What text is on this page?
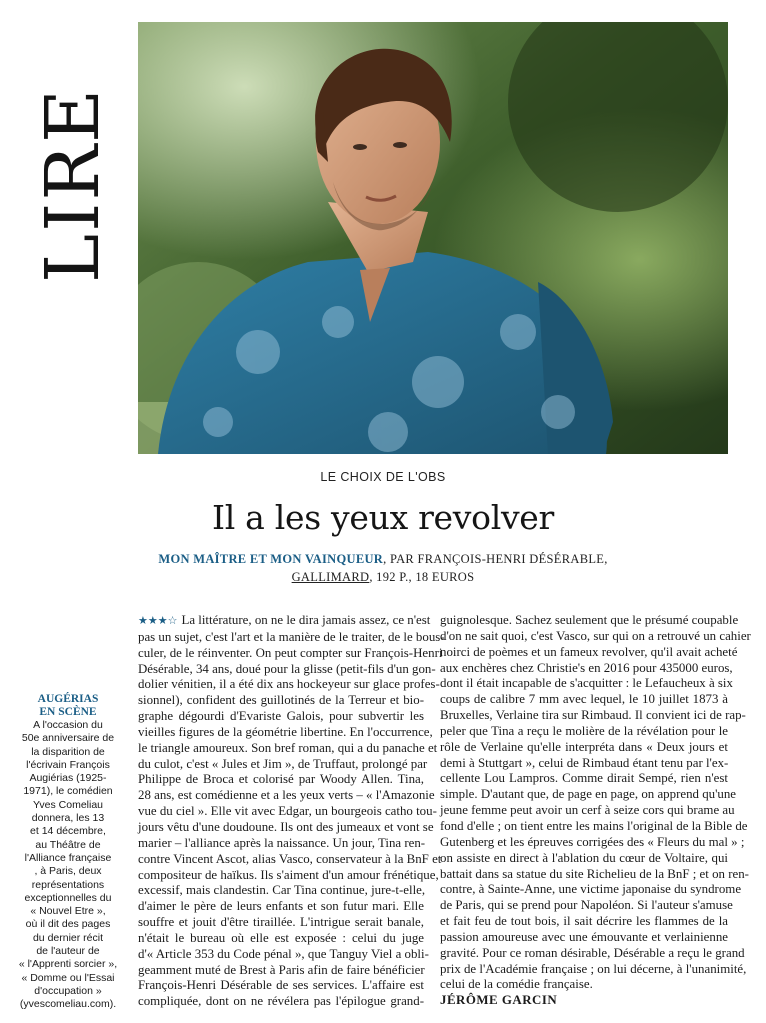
LIRE
LE CHOIX DE L'OBS
Il a les yeux revolver
MON MAÎTRE ET MON VAINQUEUR, PAR FRANÇOIS-HENRI DÉSÉRABLE,
GALLIMARD, 192 P., 18 EUROS
AUGÉRIAS
EN SCÈNE
A l'occasion du
50e anniversaire de
la disparition de
l'écrivain François
Augiérias (1925-
1971), le comédien
Yves Comeliau
donnera, les 13
et 14 décembre,
au Théâtre de
l'Alliance française
, à Paris, deux
représentations
exceptionnelles du
« Nouvel Etre »,
où il dit des pages
du dernier récit
de l'auteur de
« l'Apprenti sorcier »,
« Domme ou l'Essai
d'occupation »
(yvescomeliau.com).
★★★☆ La littérature, on ne le dira jamais assez, ce n'est
pas un sujet, c'est l'art et la manière de le traiter, de le bous-
culer, de le réinventer. On peut compter sur François-Henri
Désérable, 34 ans, doué pour la glisse (petit-fils d'un gon-
dolier vénitien, il a été dix ans hockeyeur sur glace profes-
sionnel), confident des guillotinés de la Terreur et bio-
graphe dégourdi d'Evariste Galois, pour subvertir les
vieilles figures de la géométrie libertine. En l'occurrence,
le triangle amoureux. Son bref roman, qui a du panache et
du culot, c'est « Jules et Jim », de Truffaut, prolongé par
Philippe de Broca et colorisé par Woody Allen. Tina,
28 ans, est comédienne et a les yeux verts – « l'Amazonie
vue du ciel ». Elle vit avec Edgar, un bourgeois catho tou-
jours vêtu d'une doudoune. Ils ont des jumeaux et vont se
marier – l'alliance après la naissance. Un jour, Tina ren-
contre Vincent Ascot, alias Vasco, conservateur à la BnF et
compositeur de haïkus. Ils s'aiment d'un amour frénétique,
excessif, mais clandestin. Car Tina continue, jure-t-elle,
d'aimer le père de leurs enfants et son futur mari. Elle
souffre et jouit d'être tiraillée. L'intrigue serait banale,
n'était le bureau où elle est exposée : celui du juge
d'« Article 353 du Code pénal », que Tanguy Viel a obli-
geamment muté de Brest à Paris afin de faire bénéficier
François-Henri Désérable de ses services. L'affaire est
compliquée, dont on ne révélera pas l'épilogue grand-
guignolesque. Sachez seulement que le présumé coupable
d'on ne sait quoi, c'est Vasco, sur qui on a retrouvé un cahier
noirci de poèmes et un fameux revolver, qu'il avait acheté
aux enchères chez Christie's en 2016 pour 435000 euros,
dont il était incapable de s'acquitter : le Lefaucheux à six
coups de calibre 7 mm avec lequel, le 10 juillet 1873 à
Bruxelles, Verlaine tira sur Rimbaud. Il convient ici de rap-
peler que Tina a reçu le molière de la révélation pour le
rôle de Verlaine qu'elle interpréta dans « Deux jours et
demi à Stuttgart », celui de Rimbaud étant tenu par l'ex-
cellente Lou Lampros. Comme dirait Sempé, rien n'est
simple. D'autant que, de page en page, on apprend qu'une
jeune femme peut avoir un cerf à seize cors qui brame au
fond d'elle ; on tient entre les mains l'original de la Bible de
Gutenberg et les épreuves corrigées des « Fleurs du mal » ;
on assiste en direct à l'ablation du cœur de Voltaire, qui
battait dans sa statue du site Richelieu de la BnF ; et on ren-
contre, à Sainte-Anne, une victime japonaise du syndrome
de Paris, qui se prend pour Napoléon. Si l'auteur s'amuse
et fait feu de tout bois, il sait décrire les flammes de la
passion amoureuse avec une émouvante et verlainienne
gravité. Pour ce roman désirable, Désérable a reçu le grand
prix de l'Académie française ; on lui décerne, à l'unanimité,
celui de la comédie française.
JÉRÔME GARCIN
